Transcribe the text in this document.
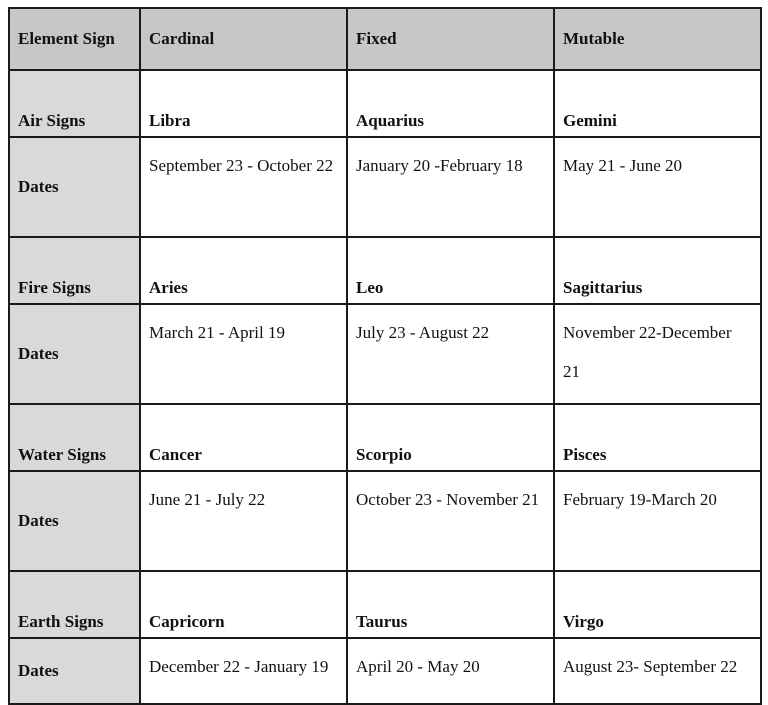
Element Sign	Cardinal	Fixed	Mutable
Air Signs	Libra	Aquarius	Gemini
Dates	September 23 - October 22	January 20 -February 18	May 21 - June 20
Fire Signs	Aries	Leo	Sagittarius
Dates	March 21 - April 19	July 23 - August 22	November 22-December 21
Water Signs	Cancer	Scorpio	Pisces
Dates	June 21 - July 22	October 23 - November 21	February 19-March 20
Earth Signs	Capricorn	Taurus	Virgo
Dates	December 22 - January 19	April 20 - May 20	August 23- September 22
